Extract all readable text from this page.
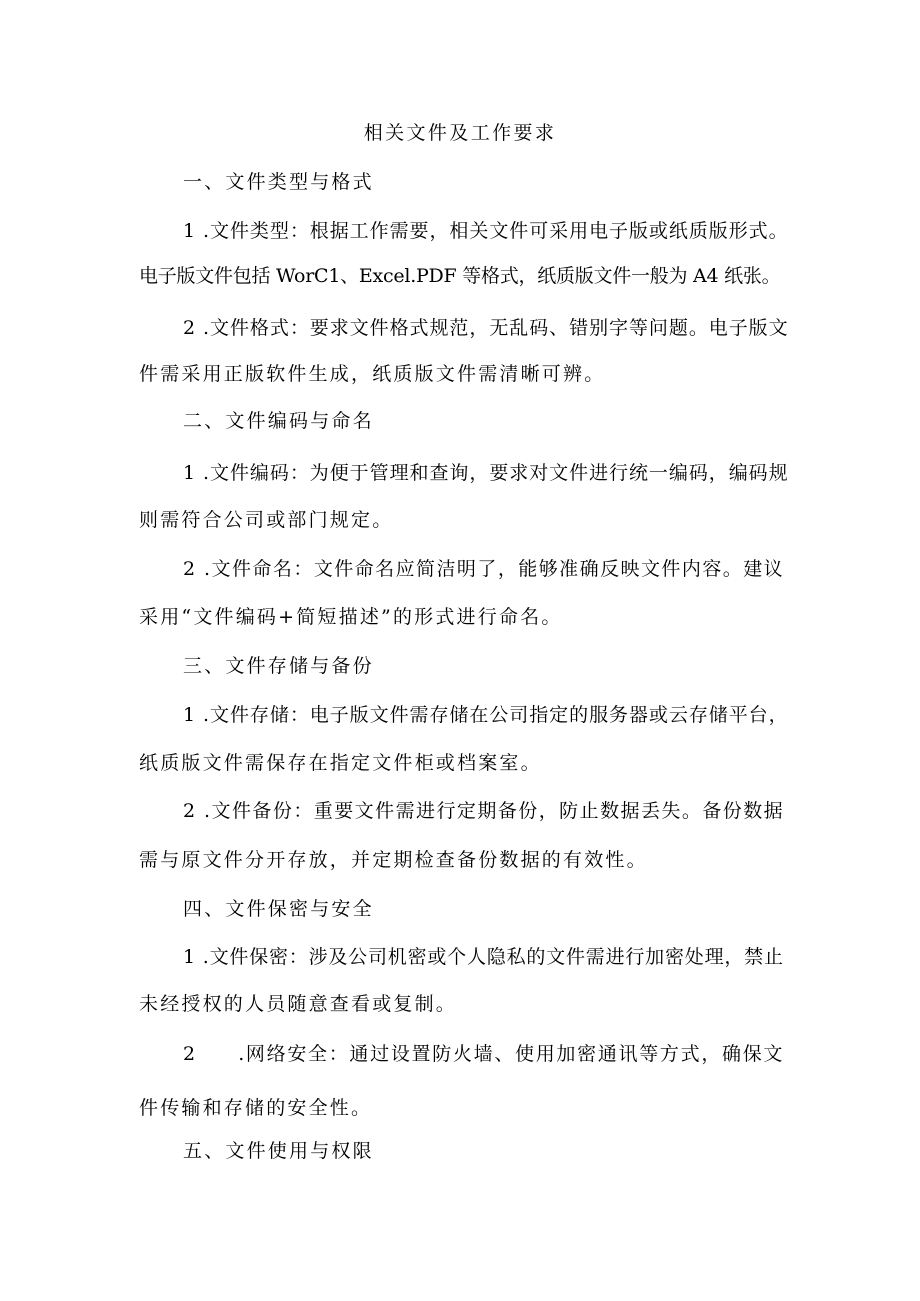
相关文件及工作要求
一、文件类型与格式
1 .文件类型：根据工作需要，相关文件可采用电子版或纸质版形式。
电子版文件包括 WorC1、Excel.PDF 等格式，纸质版文件一般为 A4 纸张。
2 .文件格式：要求文件格式规范，无乱码、错别字等问题。电子版文
件需采用正版软件生成，纸质版文件需清晰可辨。
二、文件编码与命名
1 .文件编码：为便于管理和查询，要求对文件进行统一编码，编码规
则需符合公司或部门规定。
2 .文件命名：文件命名应简洁明了，能够准确反映文件内容。建议
采用“文件编码+简短描述”的形式进行命名。
三、文件存储与备份
1 .文件存储：电子版文件需存储在公司指定的服务器或云存储平台，
纸质版文件需保存在指定文件柜或档案室。
2 .文件备份：重要文件需进行定期备份，防止数据丢失。备份数据
需与原文件分开存放，并定期检查备份数据的有效性。
四、文件保密与安全
1 .文件保密：涉及公司机密或个人隐私的文件需进行加密处理，禁止
未经授权的人员随意查看或复制。
2　　.网络安全：通过设置防火墙、使用加密通讯等方式，确保文
件传输和存储的安全性。
五、文件使用与权限
